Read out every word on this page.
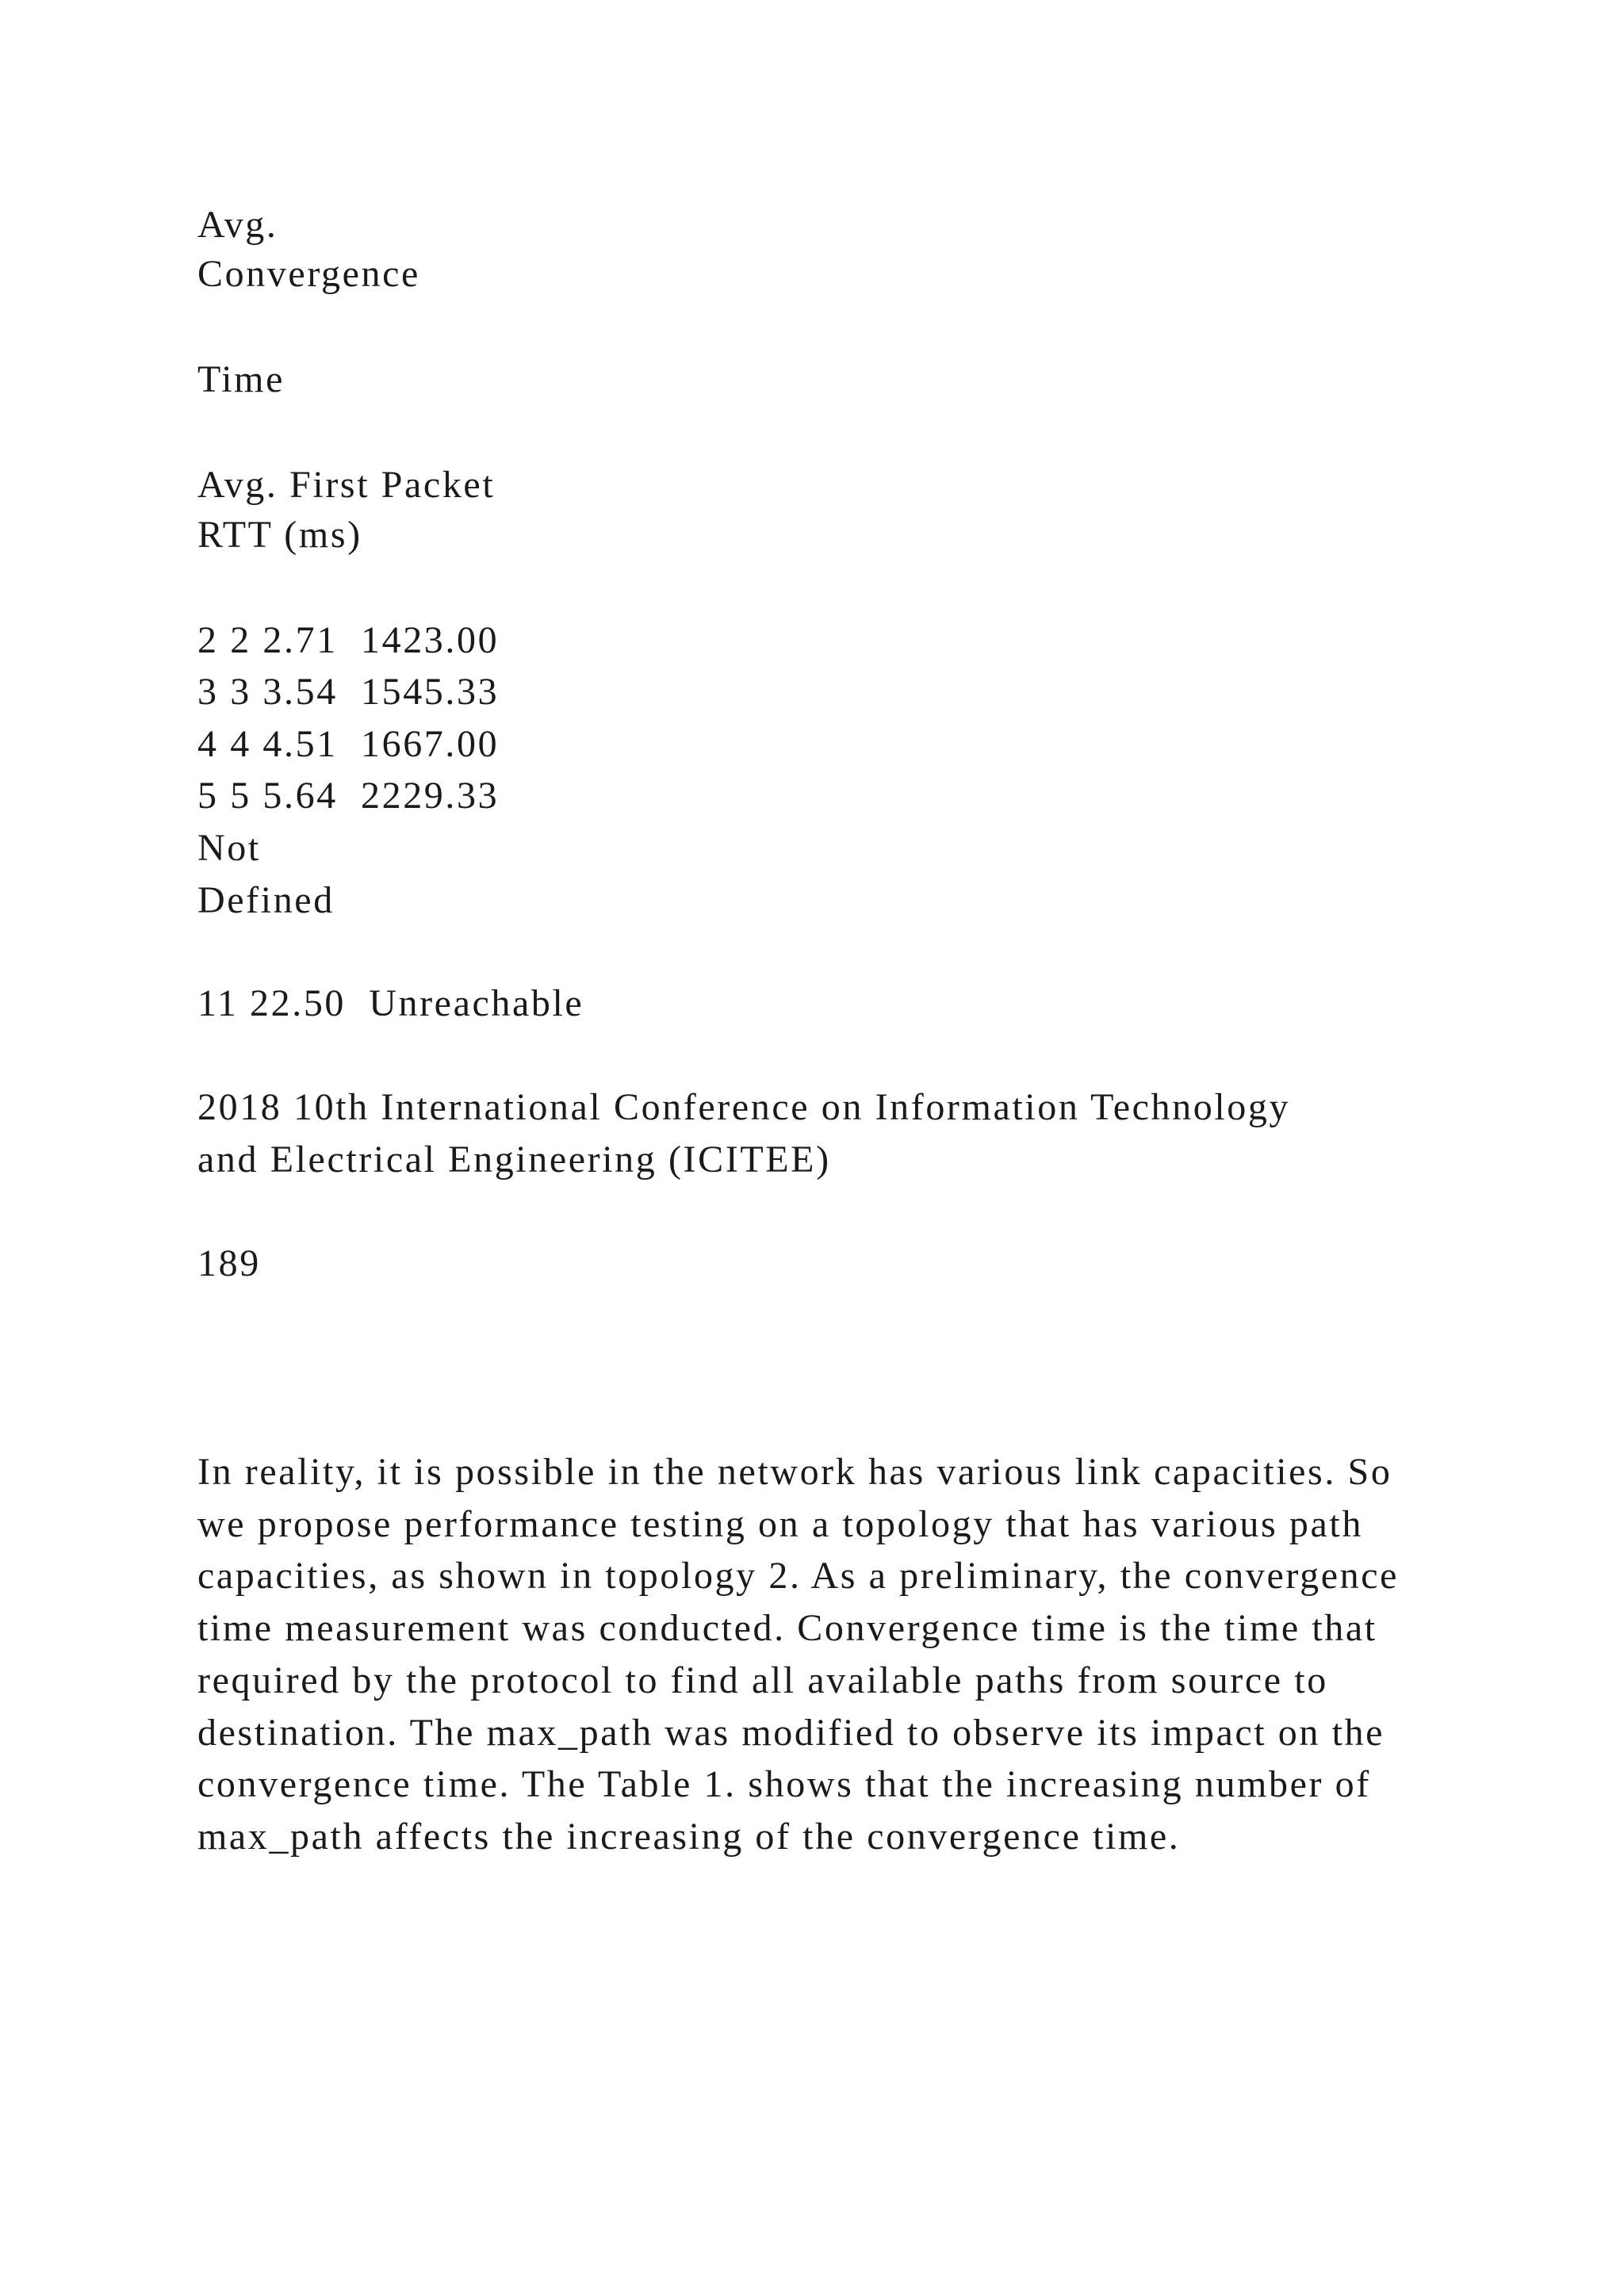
Avg.
Convergence
Time
Avg. First Packet
RTT (ms)
2 2 2.71  1423.00
3 3 3.54  1545.33
4 4 4.51  1667.00
5 5 5.64  2229.33
Not
Defined
11 22.50  Unreachable
2018 10th International Conference on Information Technology
and Electrical Engineering (ICITEE)
189
In reality, it is possible in the network has various link capacities. So we propose performance testing on a topology that has various path capacities, as shown in topology 2. As a preliminary, the convergence time measurement was conducted. Convergence time is the time that required by the protocol to find all available paths from source to destination. The max_path was modified to observe its impact on the convergence time. The Table 1. shows that the increasing number of max_path affects the increasing of the convergence time.
